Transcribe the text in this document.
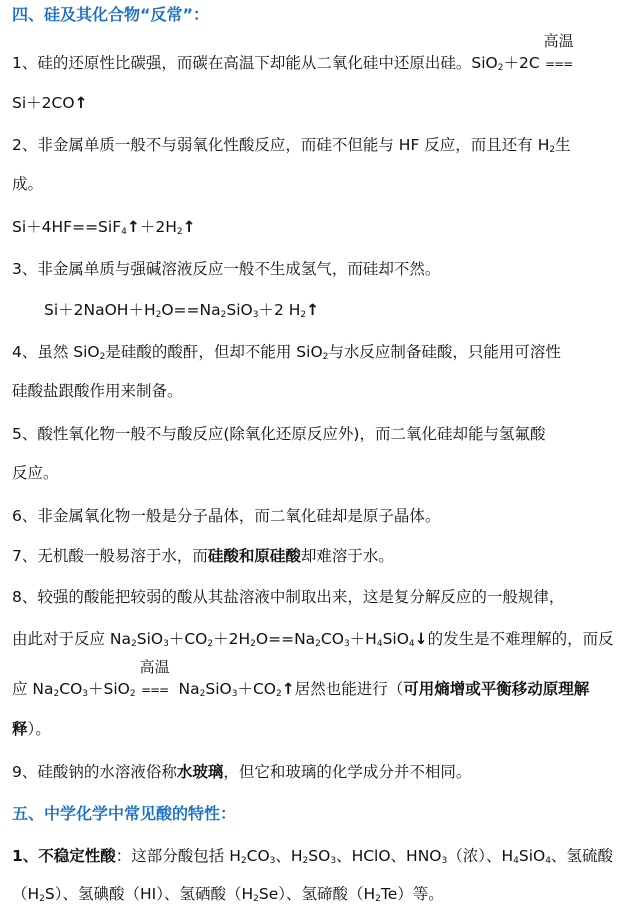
四、硅及其化合物“反常”：
1、硅的还原性比碳强，而碳在高温下却能从二氧化硅中还原出硅。SiO$_2$＋2C
高温
===
Si＋2CO↑
2、非金属单质一般不与弱氧化性酸反应，而硅不但能与 HF 反应，而且还有 $H_2$生
成。
$Si+4HF==SiF_4↑+2H_2↑$
3、非金属单质与强碱溶液反应一般不生成氢气，而硅却不然。
$Si+2NaOH+H_2O==Na_2SiO_3+2$ $H_2↑$
4、虽然 SiO$_2$是硅酸的酸酐，但却不能用 SiO$_2$与水反应制备硅酸，只能用可溶性
硅酸盐跟酸作用来制备。
5、酸性氧化物一般不与酸反应(除氧化还原反应外)，而二氧化硅却能与氢氟酸
反应。
6、非金属氧化物一般是分子晶体，而二氧化硅却是原子晶体。
7、无机酸一般易溶于水，而硅酸和原硅酸却难溶于水。
8、较强的酸能把较弱的酸从其盐溶液中制取出来，这是复分解反应的一般规律，
由此对于反应 $Na_2SiO_3+CO_2+2H_2O==Na_2CO_3+H_4SiO_4↓$的发生是不难理解的，而反
应 $Na_2CO_3+SiO_2$
高温
=== $Na_2SiO_3+CO_2↑$居然也能进行（可用熵增或平衡移动原理解
释）。
9、硅酸钠的水溶液俗称水玻璃，但它和玻璃的化学成分并不相同。
五、中学化学中常见酸的特性：
1、不稳定性酸：这部分酸包括 $H_2CO_3$、$H_2SO_3$、HClO、$HNO_3$（浓）、$H_4SiO_4$、氢硫酸
$(H_2S)$、氢碘酸（HI）、氢硒酸$(H_2Se)$、氢碲酸$(H_2Te)$等。
